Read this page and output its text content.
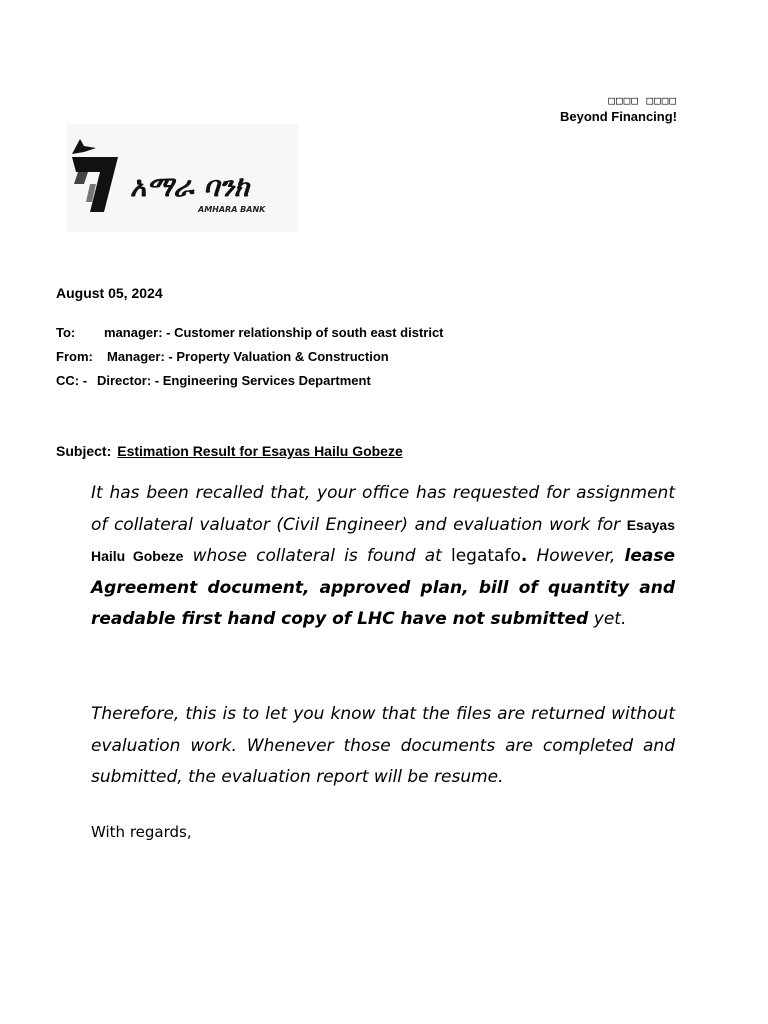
□□□□ □□□□
Beyond Financing!
አማራ ባንክ
AMHARA BANK
August 05, 2024
To: manager: - Customer relationship of south east district
From: Manager: - Property Valuation & Construction
CC: - Director: - Engineering Services Department
Subject: Estimation Result for Esayas Hailu Gobeze
It has been recalled that, your office has requested for assignment of collateral valuator (Civil Engineer) and evaluation work for Esayas Hailu Gobeze whose collateral is found at legatafo. However, lease Agreement document, approved plan, bill of quantity and readable first hand copy of LHC have not submitted yet.
Therefore, this is to let you know that the files are returned without evaluation work. Whenever those documents are completed and submitted, the evaluation report will be resume.
With regards,
